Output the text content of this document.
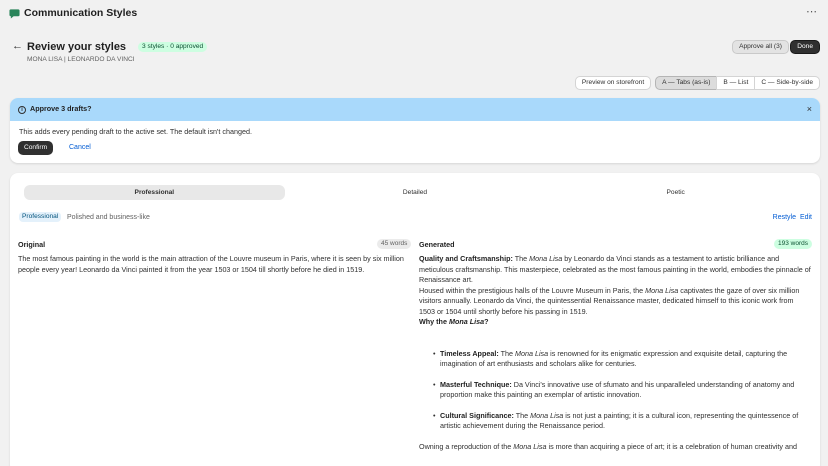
Communication Styles	⋯
← Review your styles	3 styles · 0 approved
MONA LISA | LEONARDO DA VINCI
Approve all (3)	Done
Preview on storefront	A — Tabs (as-is)	B — List	C — Side-by-side
i	Approve 3 drafts?	×
This adds every pending draft to the active set. The default isn't changed.
Confirm	Cancel
Professional	Detailed	Poetic
Professional	Polished and business-like	Restyle Edit
Original	45 words	Generated	193 words
The most famous painting in the world is the main attraction of the Louvre museum in Paris, where it is seen by six million people every year! Leonardo da Vinci painted it from the year 1503 or 1504 till shortly before he died in 1519.

Quality and Craftsmanship: The Mona Lisa by Leonardo da Vinci stands as a testament to artistic brilliance and meticulous craftsmanship. This masterpiece, celebrated as the most famous painting in the world, embodies the pinnacle of Renaissance art.

Housed within the prestigious halls of the Louvre Museum in Paris, the Mona Lisa captivates the gaze of over six million visitors annually. Leonardo da Vinci, the quintessential Renaissance master, dedicated himself to this iconic work from 1503 or 1504 until shortly before his passing in 1519.

Why the Mona Lisa?

• Timeless Appeal: The Mona Lisa is renowned for its enigmatic expression and exquisite detail, capturing the imagination of art enthusiasts and scholars alike for centuries.
• Masterful Technique: Da Vinci's innovative use of sfumato and his unparalleled understanding of anatomy and proportion make this painting an exemplar of artistic innovation.
• Cultural Significance: The Mona Lisa is not just a painting; it is a cultural icon, representing the quintessence of artistic achievement during the Renaissance period.

Owning a reproduction of the Mona Lisa is more than acquiring a piece of art; it is a celebration of human creativity and
